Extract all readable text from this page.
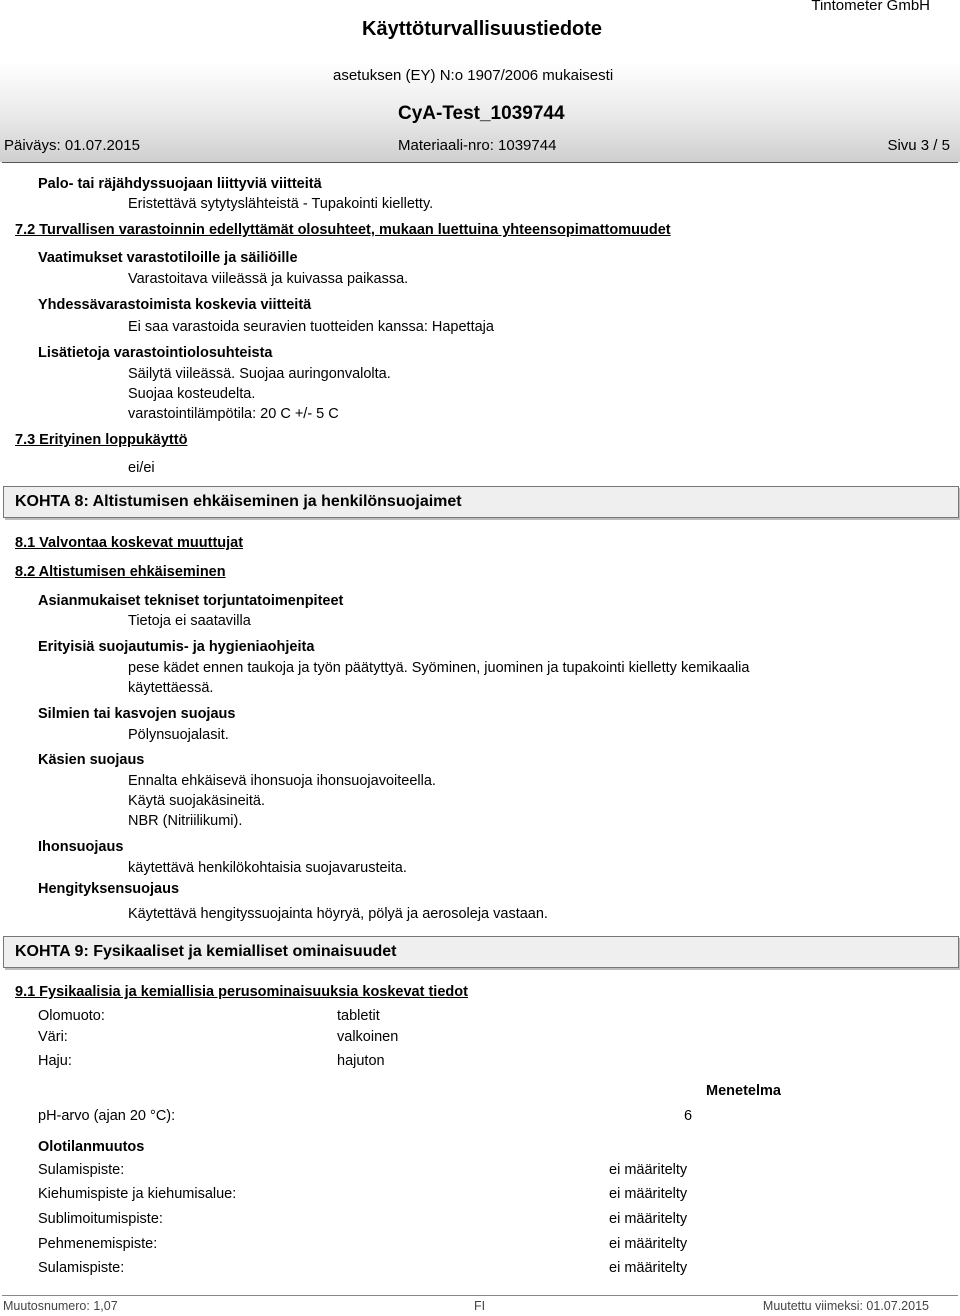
Käyttöturvallisuustiedote
Tintometer GmbH
asetuksen (EY) N:o 1907/2006 mukaisesti
CyA-Test_1039744
Päiväys: 01.07.2015	Materiaali-nro: 1039744	Sivu 3 / 5
Palo- tai räjähdyssuojaan liittyviä viitteitä
Eristettävä sytytyslähteistä - Tupakointi kielletty.
7.2 Turvallisen varastoinnin edellyttämät olosuhteet, mukaan luettuina yhteensopimattomuudet
Vaatimukset varastotiloille ja säiliöille
Varastoitava viileässä ja kuivassa paikassa.
Yhdessävarastoimista koskevia viitteitä
Ei saa varastoida seuravien tuotteiden kanssa: Hapettaja
Lisätietoja varastointiolosuhteista
Säilytä viileässä. Suojaa auringonvalolta.
Suojaa kosteudelta.
varastointilämpötila: 20 C +/- 5 C
7.3 Erityinen loppukäyttö
ei/ei
KOHTA 8: Altistumisen ehkäiseminen ja henkilönsuojaimet
8.1 Valvontaa koskevat muuttujat
8.2 Altistumisen ehkäiseminen
Asianmukaiset tekniset torjuntatoimenpiteet
Tietoja ei saatavilla
Erityisiä suojautumis- ja hygieniaohjeita
pese kädet ennen taukoja ja työn päätyttyä. Syöminen, juominen ja tupakointi kielletty kemikaalia
käytettäessä.
Silmien tai kasvojen suojaus
Pölynsuojalasit.
Käsien suojaus
Ennalta ehkäisevä ihonsuoja ihonsuojavoiteella.
Käytä suojakäsineitä.
NBR (Nitriilikumi).
Ihonsuojaus
käytettävä henkilökohtaisia suojavarusteita.
Hengityksensuojaus
Käytettävä hengityssuojainta höyryä, pölyä ja aerosoleja vastaan.
KOHTA 9: Fysikaaliset ja kemialliset ominaisuudet
9.1 Fysikaalisia ja kemiallisia perusominaisuuksia koskevat tiedot
Olomuoto:	tabletit
Väri:	valkoinen
Haju:	hajuton
Menetelma
pH-arvo (ajan 20 °C):	6
Olotilanmuutos
Sulamispiste:	ei määritelty
Kiehumispiste ja kiehumisalue:	ei määritelty
Sublimoitumispiste:	ei määritelty
Pehmenemispiste:	ei määritelty
Sulamispiste:	ei määritelty
Muutosnumero: 1,07	FI	Muutettu viimeksi: 01.07.2015
